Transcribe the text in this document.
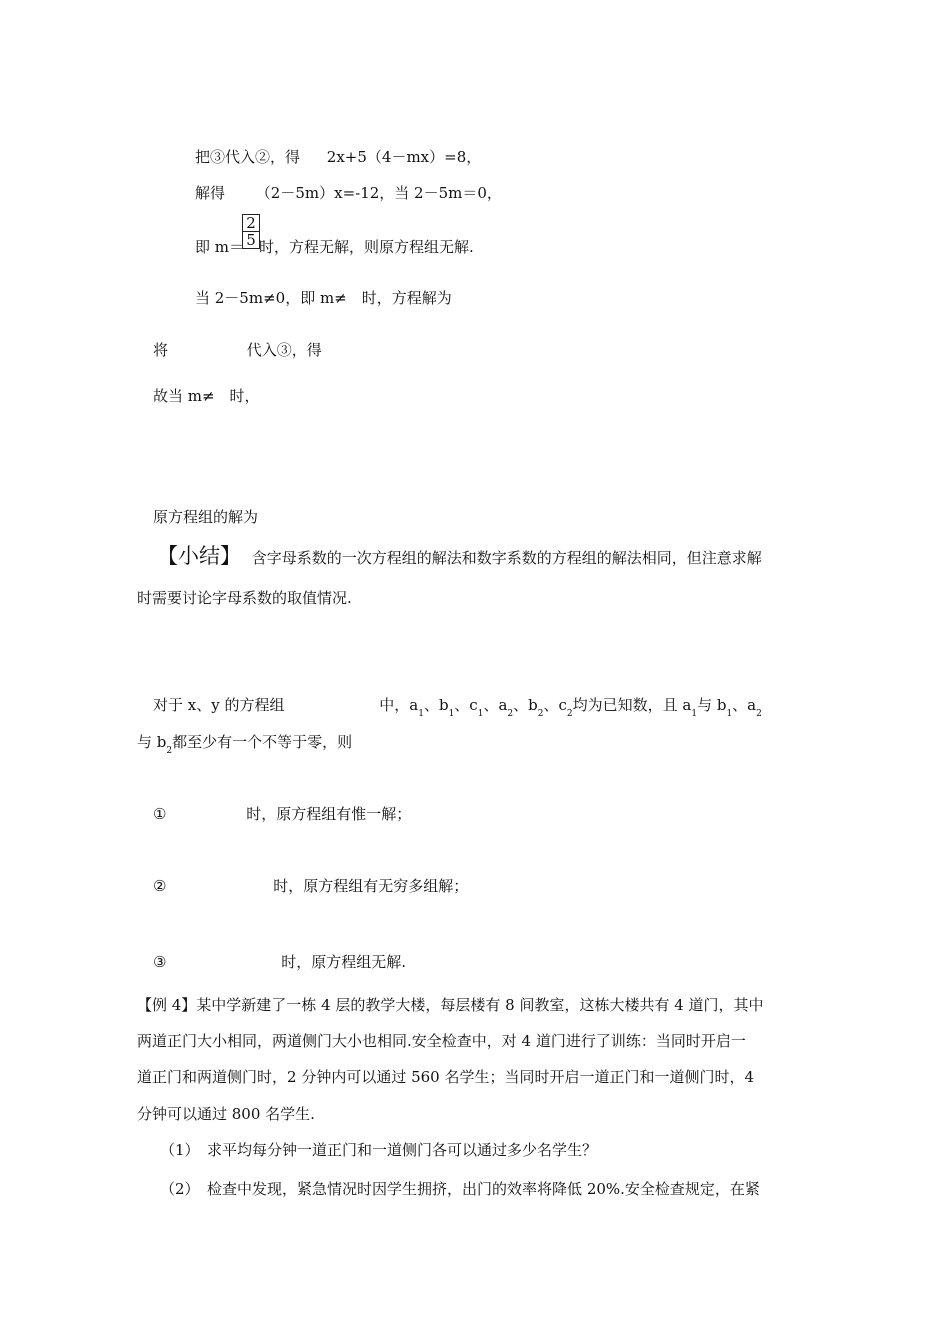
把③代入②，得 2x+5（4－mx）=8，
解得 （2－5m）x=-12，当 2－5m＝0，
即 m＝
2
5 时，方程无解，则原方程组无解.
当 2－5m≠0，即 m≠　时，方程解为
将	代入③，得
故当 m≠　时，
原方程组的解为
【小结】 含字母系数的一次方程组的解法和数字系数的方程组的解法相同，但注意求解
时需要讨论字母系数的取值情况.
对于 x、y 的方程组	中，$a_1$、$b_1$、$c_1$、$a_2$、$b_2$、$c_2$均为已知数，且 $a_1$与 $b_1$、$a_2$
与 $b_2$都至少有一个不等于零，则
①	时，原方程组有惟一解；
②	时，原方程组有无穷多组解；
③	时，原方程组无解.
【例 4】某中学新建了一栋 4 层的教学大楼，每层楼有 8 间教室，这栋大楼共有 4 道门，其中
两道正门大小相同，两道侧门大小也相同.安全检查中，对 4 道门进行了训练：当同时开启一
道正门和两道侧门时，2 分钟内可以通过 560 名学生；当同时开启一道正门和一道侧门时，4
分钟可以通过 800 名学生.
（1）　求平均每分钟一道正门和一道侧门各可以通过多少名学生？
（2）　检查中发现，紧急情况时因学生拥挤，出门的效率将降低 20%.安全检查规定，在紧
